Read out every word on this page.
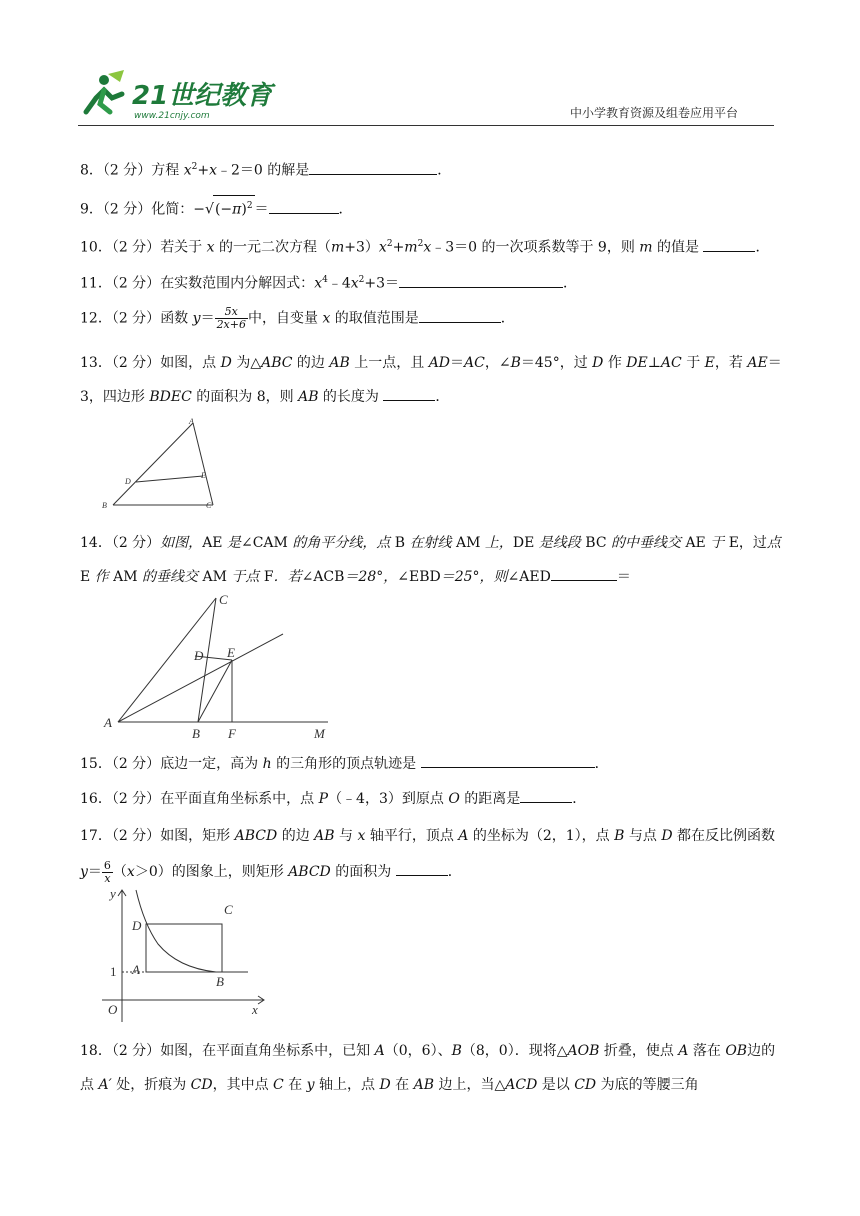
21世纪教育
www.21cnjy.com	中小学教育资源及组卷应用平台
8．（2 分）方程 $x^2+x﹣2=0$ 的解是	．
9．（2 分）化简：$-√(-\pi)^2$ ＝	．
10．（2 分）若关于 x 的一元二次方程$(m+3)x^2+m^2x﹣3=0$ 的一次项系数等于 9，则 m 的值是	．
11．（2 分）在实数范围内分解因式：$x^4﹣4x^2+3=$	．
12．（2 分）函数 $y= \frac{5x}{2x+6}$ 中，自变量 x 的取值范围是	．
13．（2 分）如图，点 D 为△ABC 的边 AB 上一点，且 AD＝AC，∠B＝45°，过 D 作 DE⊥AC 于 E，若 AE＝3，四边形 BDEC 的面积为 8，则 AB 的长度为	．
A
D
E
B	C
14．（2 分）如图，AE 是∠CAM 的角平分线，点 B 在射线 AM 上，DE 是线段 BC 的中垂线交 AE 于 E，过点 E 作 AM 的垂线交 AM 于点 F．若∠ACB＝28°，∠EBD＝25°，则∠AED	＝
C
D E
A
B F	M
15．（2 分）底边一定，高为 h 的三角形的顶点轨迹是	．
16．（2 分）在平面直角坐标系中，点 P（﹣4，3）到原点 O 的距离是	．
17．（2 分）如图，矩形 ABCD 的边 AB 与 x 轴平行，顶点 A 的坐标为（2，1），点 B 与点 D 都在反比例函数 $y= \frac{6}{x} (x>0)$的图象上，则矩形 ABCD 的面积为	．
y
D
C
1 A
B
O	x
18．（2 分）如图，在平面直角坐标系中，已知 A（0，6）、B（8，0）．现将△AOB 折叠，使点 A 落在 OB边的点 A′ 处，折痕为 CD，其中点 C 在 y 轴上，点 D 在 AB 边上，当△ACD 是以 CD 为底的等腰三角
